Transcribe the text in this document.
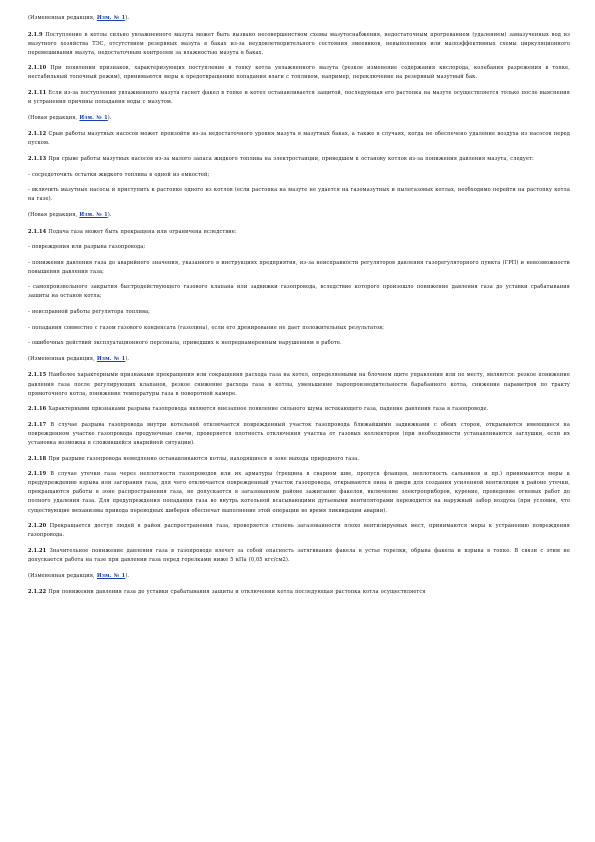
(Измененная редакция, Изм. № 1).

2.1.9 Поступление в котлы сильно увлажненного мазута может быть вызвано несовершенством схемы мазутоснабжения, недостаточным прогреванием (удалением) замазученных вод из мазутного хозяйства ТЭС, отсутствием резервных мазута в баках из-за неудовлетворительного состояния змеевиков, невыполнения или малоэффективных схемы циркуляционного перемешивания мазута, недостаточным контролем за влажностью мазута в баках.

2.1.10 При появлении признаков, характеризующих поступление в топку котла увлажненного мазута (резкое изменение содержания кислорода, колебания разрежения в топке, нестабильный топочный режим), принимаются меры к предотвращению попадания влаги с топливом, например, переключение на резервный мазутный бак.

2.1.11 Если из-за поступления увлажненного мазута гаснет факел в топке и котел останавливается защитой, последующая его растопка на мазуте осуществляется только после выяснения и устранения причины попадания воды с мазутом.

(Новая редакция, Изм. № 1).

2.1.12 Срыв работы мазутных насосов может произойти из-за недостаточного уровня мазута в мазутных баках, а также в случаях, когда не обеспечено удаление воздуха из насосов перед пуском.

2.1.13 При срыве работы мазутных насосов из-за малого запаса жидкого топлива на электростанции, приведшем к останову котлов из-за понижения давления мазута, следует:

- сосредоточить остатки жидкого топлива в одной из емкостей;

- включить мазутные насосы и приступить к растопке одного из котлов (если растопка на мазуте не удается на газомазутных и пылегазовых котлах, необходимо перейти на растопку котла на газе).

(Новая редакция, Изм. № 1).

2.1.14 Подача газа может быть прекращена или ограничена вследствие:

- повреждения или разрыва газопровода;

- понижения давления газа до аварийного значения, указанного в инструкциях предприятия, из-за неисправности регуляторов давления газорегуляторного пункта (ГРП) и невозможности повышения давления газа;

- самопроизвольного закрытия быстродействующего газового клапана или задвижки газопровода, вследствие которого произошло понижение давления газа до уставки срабатывания защиты на останов котла;

- неисправной работы регулятора топлива;

- попадания совместно с газом газового конденсата (газолина), если его дренирование не дает положительных результатов;

- ошибочных действий эксплуатационного персонала, приведших к непреднамеренным нарушениям в работе.

(Измененная редакция, Изм. № 1).

2.1.15 Наиболее характерными признаками прекращения или сокращения расхода газа на котел, определяемыми на блочном щите управления или по месту, являются: резкое понижение давления газа после регулирующих клапанов, резкое снижение расхода газа в котлы, уменьшение паропроизводительности барабанного котла, снижение параметров по тракту прямоточного котла, понижение температуры газа в поворотной камере.

2.1.16 Характерными признаками разрыва газопровода являются внезапное появление сильного шума истекающего газа, падение давления газа в газопроводе.

2.1.17 В случае разрыва газопровода внутри котельной отключается поврежденный участок газопровода ближайшими задвижками с обеих сторон, открываются имеющиеся на поврежденном участке газопровода продувочные свечи, проверяется плотность отключения участка от газовых коллекторов (при необходимости устанавливаются заглушки, если их установка возможна в сложившейся аварийной ситуации).

2.1.18 При разрыве газопровода немедленно останавливаются котлы, находящиеся в зоне выхода природного газа.

2.1.19 В случае утечки газа через неплотности газопроводов или их арматуры (трещина в сварном шве, пропуск фланцев, неплотность сальников и пр.) принимаются меры к предупреждению взрыва или загорания газа, для чего отключается поврежденный участок газопровода, открываются окна и двери для создания усиленной вентиляции в районе утечки, прекращаются работы в зоне распространения газа, не допускается в загазованном районе зажигание факелов, включение электроприборов, курение, проведение огневых работ до полного удаления газа. Для предупреждения попадания газа во внутрь котельной всасывающими дутьевыми вентиляторами переводится на наружный забор воздуха (при условии, что существующие механизмы привода переводных шиберов обеспечат выполнение этой операции во время ликвидации аварии).

2.1.20 Прекращается доступ людей в район распространения газа, проверяется степень загазованности плохо вентилируемых мест, принимаются меры к устранению повреждения газопровода.

2.1.21 Значительное понижение давления газа в газопроводе влечет за собой опасность затягивания факела в устье горелки, обрыва факела и взрыва в топке. В связи с этим не допускается работа на газе при давлении газа перед горелками ниже 5 кПа (0,05 кгс/см2).

(Измененная редакция, Изм. № 1).

2.1.22 При понижении давления газа до уставки срабатывания защиты и отключении котла последующая растопка котла осуществляется
